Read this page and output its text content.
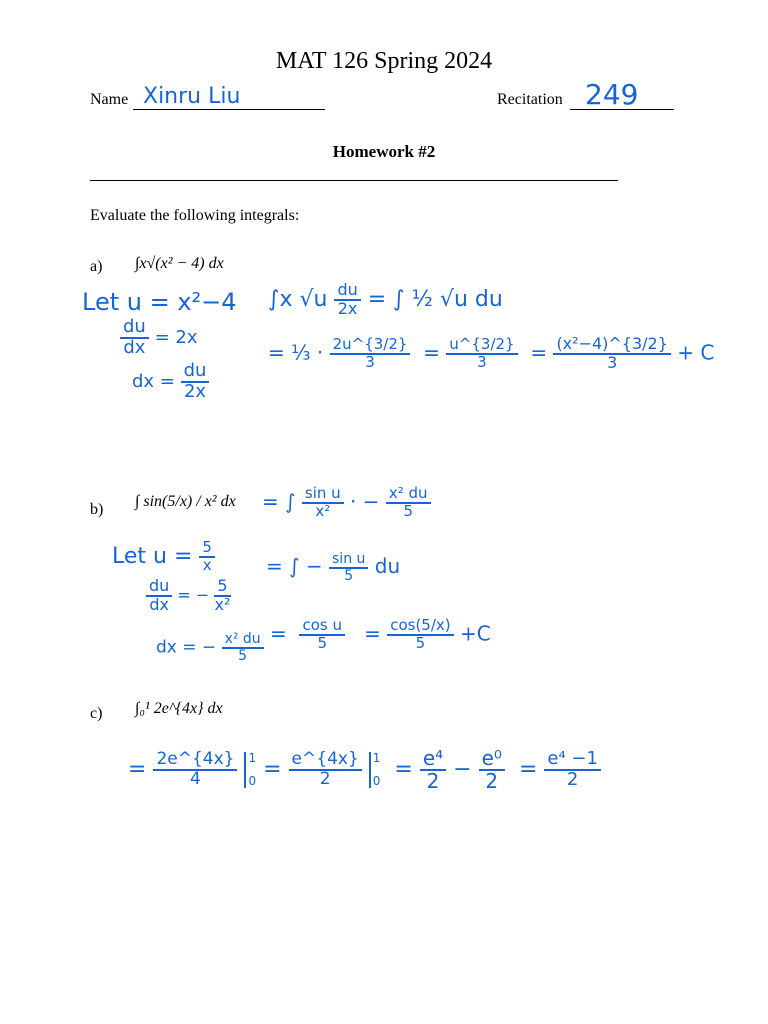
MAT 126 Spring 2024
Name Xinru Liu	Recitation 249
Homework #2
Evaluate the following integrals:
a) ∫x√(x² − 4) dx
Let u = x²−4
$\frac{du}{dx} = 2x$
dx = $\frac{du}{2x}$
∫x $√u \frac{du}{2x}$ = ∫ ½ √u du
= ⅓ · $\frac{2u\^{}\{3/2\}}{3} = \frac{u\^{}\{3/2\}}{3} = \frac{\text{(x²−4)\textasciicircum{}\{3/2\}}}{3} + C$
b) ∫ sin(5/x) / x² dx = ∫ $\frac{\text{sin u}}{\text{x²}}$ · − $\frac{\text{x² du}}{5}$
Let $u = \frac{5}{x}$
$\frac{du}{dx}$ = − $\frac{5}{\text{x²}}$
dx = − $\frac{\text{x² du}}{5}$
= ∫ − $\frac{\text{sin u}}{5}$ du
= $\frac{\text{cos u}}{5} = \frac{\cos(5/x)}{5} +C$
c) ∫₀¹ 2e^{4x} dx
= $\frac{2e\^{}\{4x\}}{4}$
1
$0 = \frac{e\^{}\{4x\}}{2}$
1
$0 = \frac{\text{e⁴}}{2} - \frac{\text{e⁰}}{2} = \frac{\text{e⁴ −1}}{2}$
